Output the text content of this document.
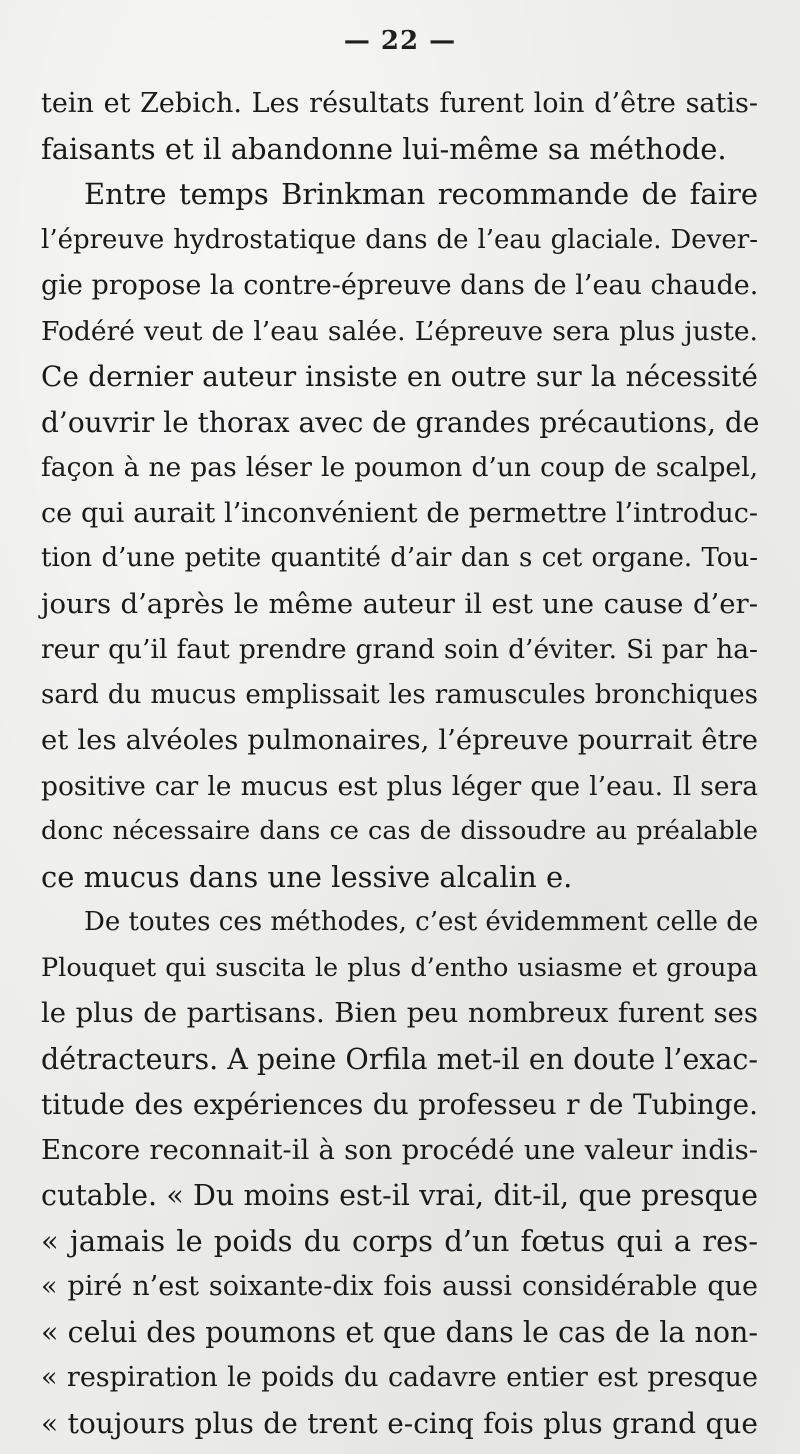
— 22 —
tein et Zebich. Les résultats furent loin d’être satis-
faisants et il abandonne lui-même sa méthode.
Entre temps Brinkman recommande de faire
l’épreuve hydrostatique dans de l’eau glaciale. Dever-
gie propose la contre-épreuve dans de l’eau chaude.
Fodéré veut de l’eau salée. L’épreuve sera plus juste.
Ce dernier auteur insiste en outre sur la nécessité
d’ouvrir le thorax avec de grandes précautions, de
façon à ne pas léser le poumon d’un coup de scalpel,
ce qui aurait l’inconvénient de permettre l’introduc-
tion d’une petite quantité d’air dan s cet organe. Tou-
jours d’après le même auteur il est une cause d’er-
reur qu’il faut prendre grand soin d’éviter. Si par ha-
sard du mucus emplissait les ramuscules bronchiques
et les alvéoles pulmonaires, l’épreuve pourrait être
positive car le mucus est plus léger que l’eau. Il sera
donc nécessaire dans ce cas de dissoudre au préalable
ce mucus dans une lessive alcalin e.
De toutes ces méthodes, c’est évidemment celle de
Plouquet qui suscita le plus d’entho usiasme et groupa
le plus de partisans. Bien peu nombreux furent ses
détracteurs. A peine Orfila met-il en doute l’exac-
titude des expériences du professeu r de Tubinge.
Encore reconnait-il à son procédé une valeur indis-
cutable. « Du moins est-il vrai, dit-il, que presque
« jamais le poids du corps d’un fœtus qui a res-
« piré n’est soixante-dix fois aussi considérable que
« celui des poumons et que dans le cas de la non-
« respiration le poids du cadavre entier est presque
« toujours plus de trent e-cinq fois plus grand que
